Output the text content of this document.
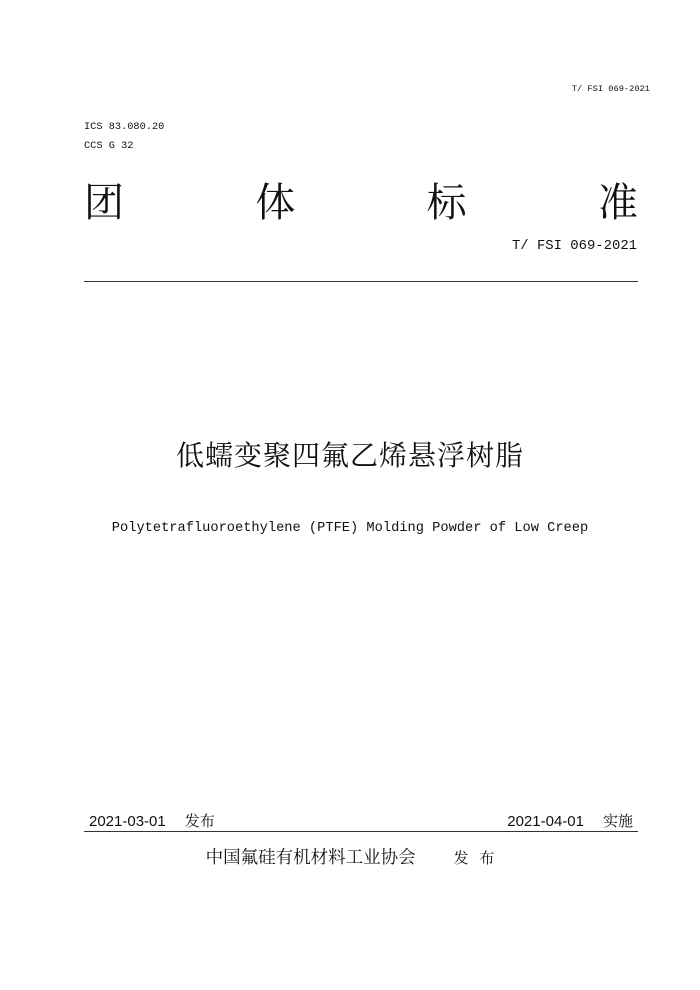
T/ FSI 069-2021
ICS 83.080.20
CCS G 32
团	体	标	准
T/ FSI 069-2021
低蠕变聚四氟乙烯悬浮树脂
Polytetrafluoroethylene (PTFE) Molding Powder of Low Creep
2021-03-01 发布	2021-04-01 实施
中国氟硅有机材料工业协会	发 布
